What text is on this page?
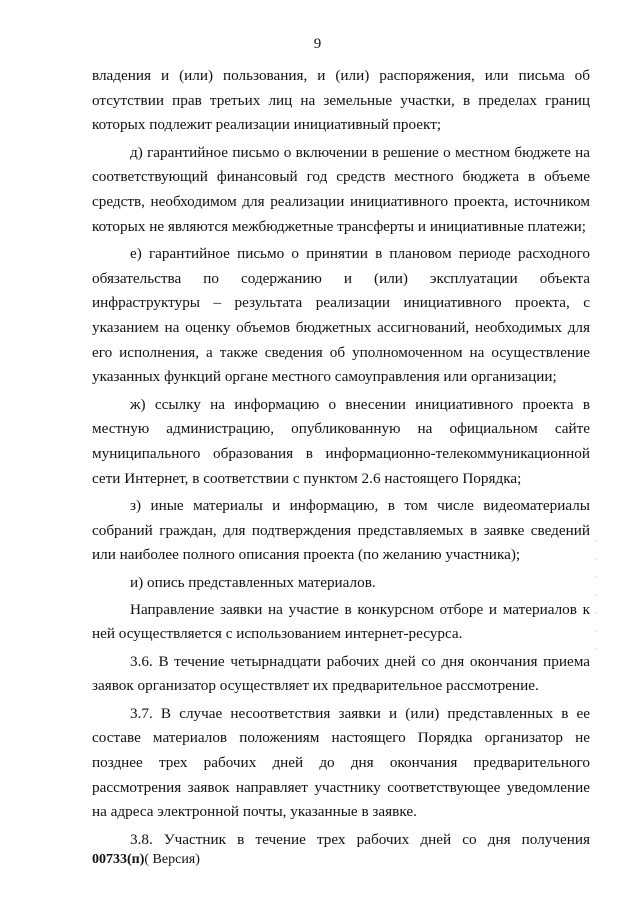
9

владения и (или) пользования, и (или) распоряжения, или письма об отсутствии прав третьих лиц на земельные участки, в пределах границ которых подлежит реализации инициативный проект;

д) гарантийное письмо о включении в решение о местном бюджете на соответствующий финансовый год средств местного бюджета в объеме средств, необходимом для реализации инициативного проекта, источником которых не являются межбюджетные трансферты и инициативные платежи;

е) гарантийное письмо о принятии в плановом периоде расходного обязательства по содержанию и (или) эксплуатации объекта инфраструктуры – результата реализации инициативного проекта, с указанием на оценку объемов бюджетных ассигнований, необходимых для его исполнения, а также сведения об уполномоченном на осуществление указанных функций органе местного самоуправления или организации;

ж) ссылку на информацию о внесении инициативного проекта в местную администрацию, опубликованную на официальном сайте муниципального образования в информационно-телекоммуникационной сети Интернет, в соответствии с пунктом 2.6 настоящего Порядка;

з) иные материалы и информацию, в том числе видеоматериалы собраний граждан, для подтверждения представляемых в заявке сведений или наиболее полного описания проекта (по желанию участника);

и) опись представленных материалов.

Направление заявки на участие в конкурсном отборе и материалов к ней осуществляется с использованием интернет-ресурса.

3.6. В течение четырнадцати рабочих дней со дня окончания приема заявок организатор осуществляет их предварительное рассмотрение.

3.7. В случае несоответствия заявки и (или) представленных в ее составе материалов положениям настоящего Порядка организатор не позднее трех рабочих дней до дня окончания предварительного рассмотрения заявок направляет участнику соответствующее уведомление на адреса электронной почты, указанные в заявке.

3.8. Участник в течение трех рабочих дней со дня получения

00733(п)( Версия)
